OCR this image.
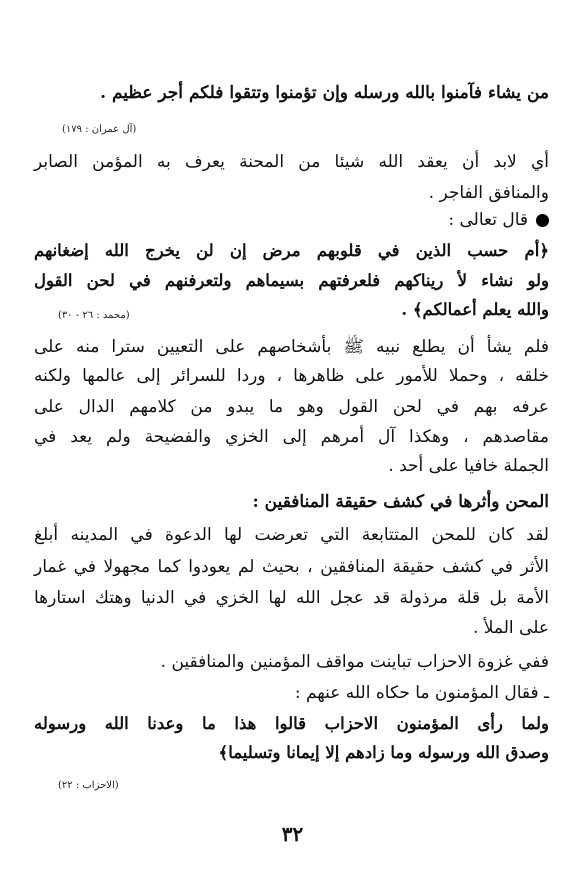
من يشاء فآمنوا بالله ورسله وإن تؤمنوا وتتقوا فلكم أجر عظيم .
(آل عمران : ١٧٩)
أي لابد أن يعقد الله شيئا من المحنة يعرف به المؤمن الصابر
والمنافق الفاجر .
قال تعالى :
﴿أم حسب الذين في قلوبهم مرض إن لن يخرج الله إضغانهم
ولو نشاء لأ ريناكهم فلعرفتهم بسيماهم ولتعرفنهم في لحن القول
والله يعلم أعمالكم﴾ .
(محمد : ٢٦ - ٣٠)
فلم يشأ أن يطلع نبيه ﷺ بأشخاصهم على التعيين سترا منه على
خلقه ، وحملا للأمور على ظاهرها ، وردا للسرائر إلى عالمها ولكنه
عرفه بهم في لحن القول وهو ما يبدو من كلامهم الدال على
مقاصدهم ، وهكذا آل أمرهم إلى الخزي والفضيحة ولم يعد في
الجملة خافيا على أحد .
المحن وأثرها في كشف حقيقة المنافقين :
لقد كان للمحن المتتابعة التي تعرضت لها الدعوة في المدينه أبلغ
الأثر في كشف حقيقة المنافقين ، بحيث لم يعودوا كما مجهولا في غمار
الأمة بل قلة مرذولة قد عجل الله لها الخزي في الدنيا وهتك استارها
على الملأ .
ففي غزوة الاحزاب تباينت مواقف المؤمنين والمنافقين .
ـ فقال المؤمنون ما حكاه الله عنهم :
ولما رأى المؤمنون الاحزاب قالوا هذا ما وعدنا الله ورسوله
وصدق الله ورسوله وما زادهم إلا إيمانا وتسليما﴾
(الاحزاب : ٢٢)
٣٢
